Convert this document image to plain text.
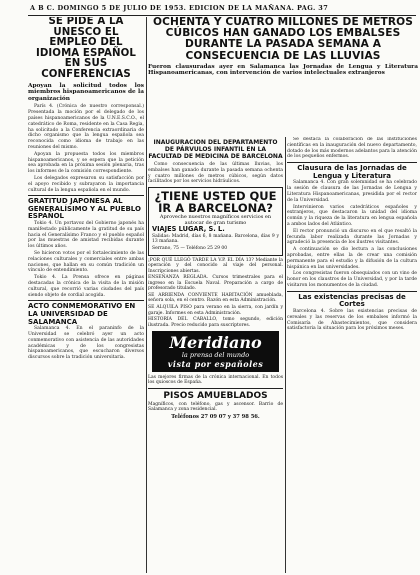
A B C. DOMINGO 5 DE JULIO DE 1953. EDICION DE LA MAÑANA. PAG. 37
SE PIDE A LA UNESCO EL EMPLEO DEL IDIOMA ESPAÑOL EN SUS CONFERENCIAS
Apoyan la solicitud todos los miembros hispanoamericanos de la organización

París 4. (Crónica de nuestro corresponsal.) Presentada la moción por el delegado de los países hispanoamericanos de la U.N.E.S.C.O., el catedrático de Roma, residente en la Casa Regia, ha solicitado a la Conferencia extraordinaria de dicho organismo que la lengua española sea reconocida como idioma de trabajo en las reuniones del mismo.

Apoyan la propuesta todos los miembros hispanoamericanos, y se espera que la petición sea aprobada en la próxima sesión plenaria, tras los informes de la comisión correspondiente.

Los delegados expresaron su satisfacción por el apoyo recibido y subrayaron la importancia cultural de la lengua española en el mundo.

GRATITUD JAPONESA AL GENERALÍSIMO Y AL PUEBLO ESPAÑOL

Tokio 4. Un portavoz del Gobierno japonés ha manifestado públicamente la gratitud de su país hacia el Generalísimo Franco y el pueblo español por las muestras de amistad recibidas durante los últimos años.

Se hicieron votos por el fortalecimiento de las relaciones culturales y comerciales entre ambas naciones, que hallan en su común tradición un vínculo de entendimiento.

Tokio 4. La Prensa ofrece en páginas destacadas la crónica de la visita de la misión cultural, que recorrió varias ciudades del país siendo objeto de cordial acogida.

ACTO CONMEMORATIVO EN LA UNIVERSIDAD DE SALAMANCA

Salamanca 4. En el paraninfo de la Universidad se celebró ayer un acto conmemorativo con asistencia de las autoridades académicas y de los congresistas hispanoamericanos, que escucharon diversos discursos sobre la tradición universitaria.

OCHENTA Y CUATRO MILLONES DE METROS CÚBICOS HAN GANADO LOS EMBALSES DURANTE LA PASADA SEMANA A CONSECUENCIA DE LAS LLUVIAS
Fueron clausuradas ayer en Salamanca las Jornadas de Lengua y Literatura Hispanoamericanas, con intervención de varios intelectuales extranjeros
INAUGURACION DEL DEPARTAMENTO DE PÁRVULOS INFANTIL EN LA FACULTAD DE MEDICINA DE BARCELONA

Como consecuencia de las últimas lluvias, los embalses han ganado durante la pasada semana ochenta y cuatro millones de metros cúbicos, según datos facilitados por los servicios hidráulicos.

¿TIENE USTED QUE IR A BARCELONA?
Aproveche nuestros magníficos servicios en autocar de gran turismo
VIAJES LUGAR, S. L.

Salidas: Madrid, días 6, 8 mañana. Barcelona, días 9 y 13 mañana.

Serrano, 75 — Teléfono 25 29 00

¡POR QUÉ LLEGÓ TARDE LA V.P. EL DÍA 13? Mediante la operación y del conocido al viaje del personal. Inscripciones abiertas.

ENSEÑANZA REGLADA. Cursos trimestrales para el ingreso en la Escuela Naval. Preparación a cargo de profesorado titulado.

SE ARRIENDA CONVIENTE HABITACIÓN amueblada, señora sola, en el centro. Razón en esta Administración.

SE ALQUILA PISO para verano en la sierra, con jardín y garaje. Informes en esta Administración.

HISTORIA DEL CABALLO, tomo segundo, edición ilustrada. Precio reducido para suscriptores.

Meridiano
la prensa del mundo
vista por españoles

Las mejores firmas de la crónica internacional. En todos los quioscos de España.

PISOS AMUEBLADOS

Magníficos, con teléfono, gas y ascensor. Barrio de Salamanca y zona residencial.

Teléfonos 27 09 07 y 37 98 56.

Se destaca la colaboración de las instituciones científicas en la inauguración del nuevo departamento, dotado de los más modernos adelantos para la atención de los pequeños enfermos.

Clausura de las Jornadas de Lengua y Literatura

Salamanca 4. Con gran solemnidad se ha celebrado la sesión de clausura de las Jornadas de Lengua y Literatura Hispanoamericanas, presidida por el rector de la Universidad.

Intervinieron varios catedráticos españoles y extranjeros, que destacaron la unidad del idioma común y la riqueza de la literatura en lengua española a ambos lados del Atlántico.

El rector pronunció un discurso en el que resaltó la fecunda labor realizada durante las Jornadas y agradeció la presencia de los ilustres visitantes.

A continuación se dio lectura a las conclusiones aprobadas, entre ellas la de crear una comisión permanente para el estudio y la difusión de la cultura hispánica en las universidades.

Los congresistas fueron obsequiados con un vino de honor en los claustros de la Universidad, y por la tarde visitaron los monumentos de la ciudad.

Las existencias precisas de Cortes

Barcelona 4. Sobre las existencias precisas de cereales y las reservas de los embalses informó la Comisaría de Abastecimientos, que considera satisfactoria la situación para los próximos meses.
